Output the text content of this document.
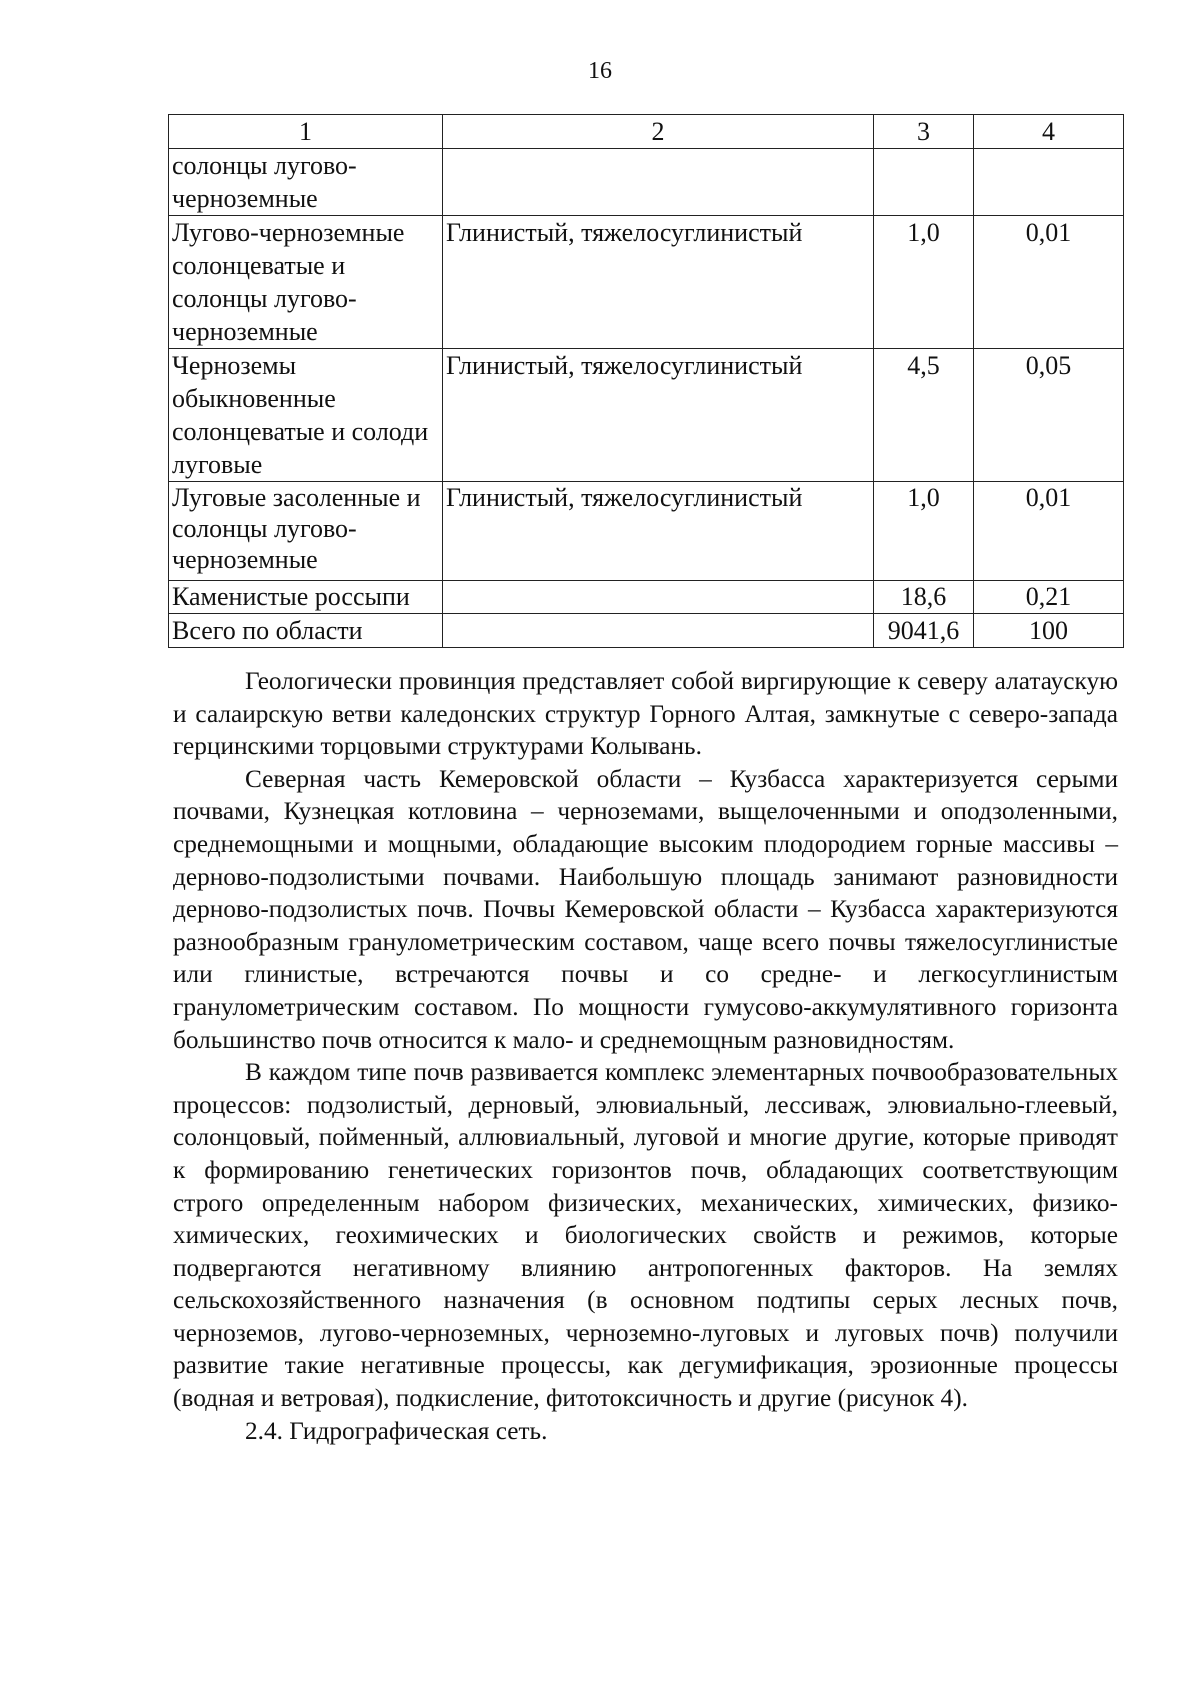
16
1	2	3	4
солонцы лугово-черноземные			
Лугово-черноземные солонцеватые и солонцы лугово-черноземные	Глинистый, тяжелосуглинистый	1,0	0,01
Черноземы обыкновенные солонцеватые и солоди луговые	Глинистый, тяжелосуглинистый	4,5	0,05
Луговые засоленные и солонцы лугово-черноземные	Глинистый, тяжелосуглинистый	1,0	0,01
Каменистые россыпи		18,6	0,21
Всего по области		9041,6	100

Геологически провинция представляет собой виргирующие к северу алатаускую и салаирскую ветви каледонских структур Горного Алтая, замкнутые с северо-запада герцинскими торцовыми структурами Колывань.

Северная часть Кемеровской области – Кузбасса характеризуется серыми почвами, Кузнецкая котловина – черноземами, выщелоченными и оподзоленными, среднемощными и мощными, обладающие высоким плодородием горные массивы – дерново-подзолистыми почвами. Наибольшую площадь занимают разновидности дерново-подзолистых почв. Почвы Кемеровской области – Кузбасса характеризуются разнообразным гранулометрическим составом, чаще всего почвы тяжелосуглинистые или глинистые, встречаются почвы и со средне- и легкосуглинистым гранулометрическим составом. По мощности гумусово-аккумулятивного горизонта большинство почв относится к мало- и среднемощным разновидностям.

В каждом типе почв развивается комплекс элементарных почвообразовательных процессов: подзолистый, дерновый, элювиальный, лессиваж, элювиально-глеевый, солонцовый, пойменный, аллювиальный, луговой и многие другие, которые приводят к формированию генетических горизонтов почв, обладающих соответствующим строго определенным набором физических, механических, химических, физико-химических, геохимических и биологических свойств и режимов, которые подвергаются негативному влиянию антропогенных факторов. На землях сельскохозяйственного назначения (в основном подтипы серых лесных почв, черноземов, лугово-черноземных, черноземно-луговых и луговых почв) получили развитие такие негативные процессы, как дегумификация, эрозионные процессы (водная и ветровая), подкисление, фитотоксичность и другие (рисунок 4).

2.4. Гидрографическая сеть.
